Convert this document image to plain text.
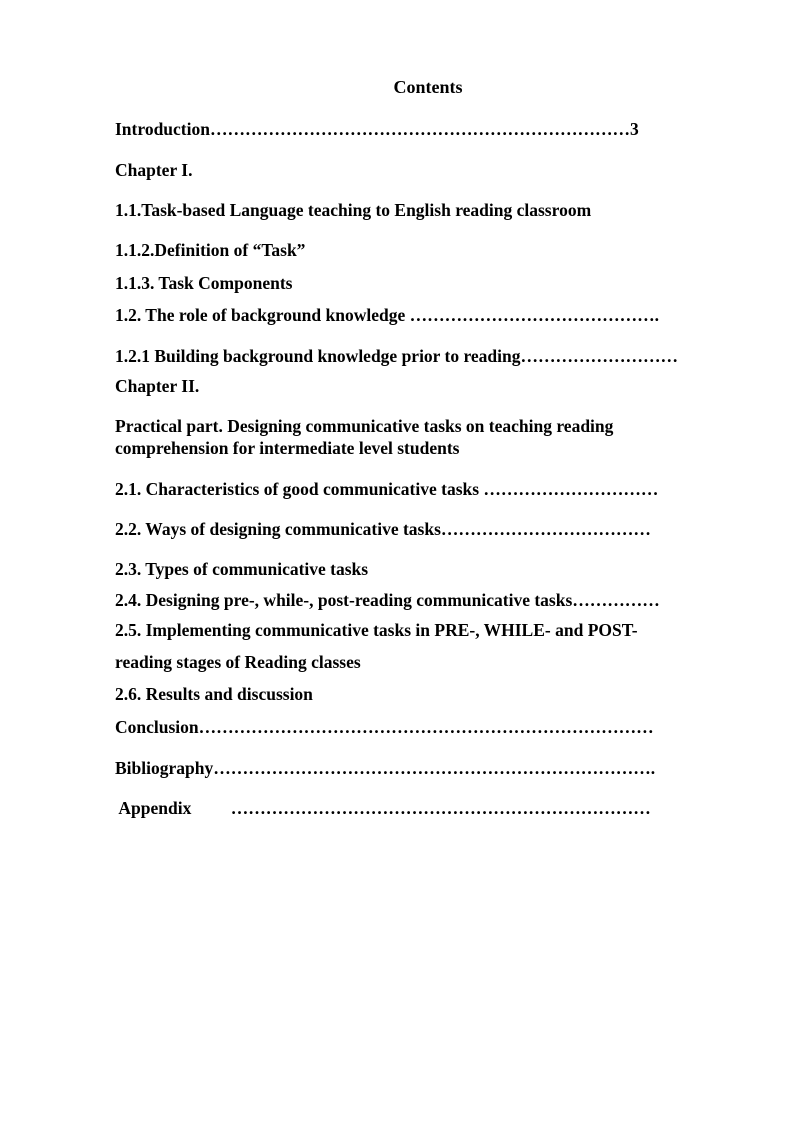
Contents
Introduction………………………………………………………………3
Chapter I.
1.1.Task-based Language teaching to English reading classroom
1.1.2.Definition of “Task”
1.1.3. Task Components
1.2. The role of background knowledge …………………………………….
1.2.1 Building background knowledge prior to reading………………………
Chapter II.
Practical part. Designing communicative tasks on teaching reading comprehension for intermediate level students
2.1. Characteristics of good communicative tasks …………………………
2.2. Ways of designing communicative tasks………………………………
2.3. Types of communicative tasks
2.4. Designing pre-, while-, post-reading communicative tasks……………
2.5. Implementing communicative tasks in PRE-, WHILE- and POST-
reading stages of Reading classes
2.6. Results and discussion
Conclusion……………………………………………………………………
Bibliography………………………………………………………………….
Appendix         ………………………………………………………………
